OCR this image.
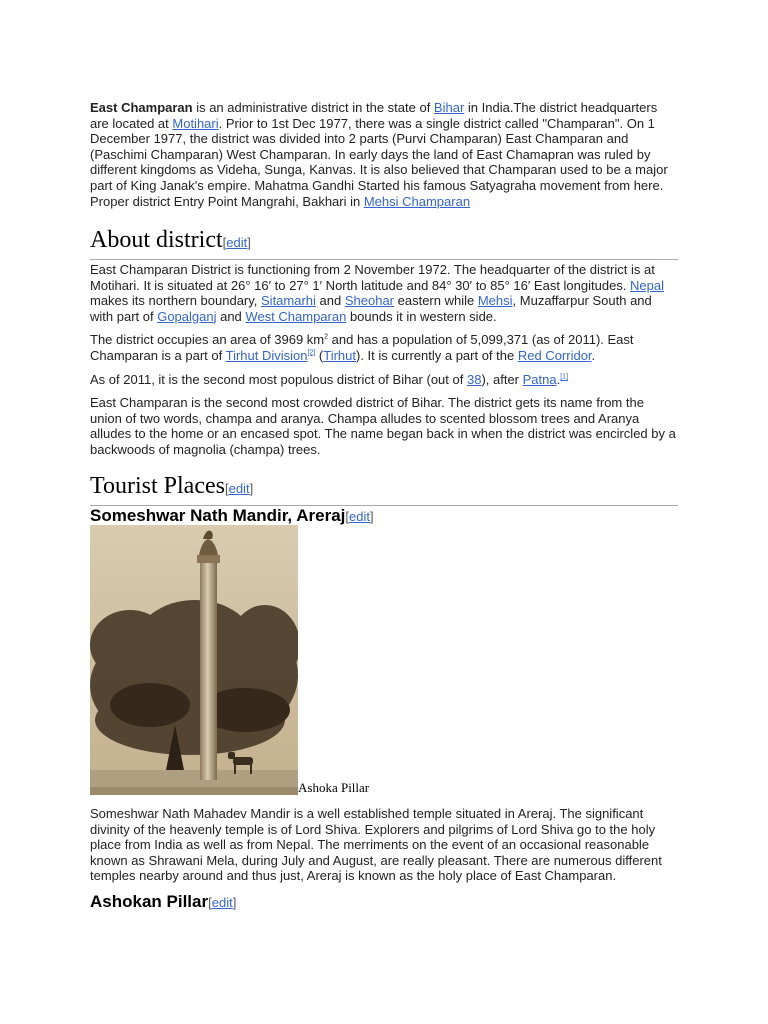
East Champaran is an administrative district in the state of Bihar in India.The district headquarters are located at Motihari. Prior to 1st Dec 1977, there was a single district called "Champaran". On 1 December 1977, the district was divided into 2 parts (Purvi Champaran) East Champaran and (Paschimi Champaran) West Champaran. In early days the land of East Chamapran was ruled by different kingdoms as Videha, Sunga, Kanvas. It is also believed that Champaran used to be a major part of King Janak's empire. Mahatma Gandhi Started his famous Satyagraha movement from here. Proper district Entry Point Mangrahi, Bakhari in Mehsi Champaran

About district[edit]

East Champaran District is functioning from 2 November 1972. The headquarter of the district is at Motihari. It is situated at 26° 16′ to 27° 1′ North latitude and 84° 30′ to 85° 16′ East longitudes. Nepal makes its northern boundary, Sitamarhi and Sheohar eastern while Mehsi, Muzaffarpur South and with part of Gopalganj and West Champaran bounds it in western side.

The district occupies an area of 3969 $km^2$ and has a population of 5,099,371 (as of 2011). East Champaran is a part of Tirhut Division[2] (Tirhut). It is currently a part of the Red Corridor.

As of 2011, it is the second most populous district of Bihar (out of 38), after Patna.[1]

East Champaran is the second most crowded district of Bihar. The district gets its name from the union of two words, champa and aranya. Champa alludes to scented blossom trees and Aranya alludes to the home or an encased spot. The name began back in when the district was encircled by a backwoods of magnolia (champa) trees.

Tourist Places[edit]
Someshwar Nath Mandir, Areraj[edit]
Ashoka Pillar

Someshwar Nath Mahadev Mandir is a well established temple situated in Areraj. The significant divinity of the heavenly temple is of Lord Shiva. Explorers and pilgrims of Lord Shiva go to the holy place from India as well as from Nepal. The merriments on the event of an occasional reasonable known as Shrawani Mela, during July and August, are really pleasant. There are numerous different temples nearby around and thus just, Areraj is known as the holy place of East Champaran.

Ashokan Pillar[edit]
